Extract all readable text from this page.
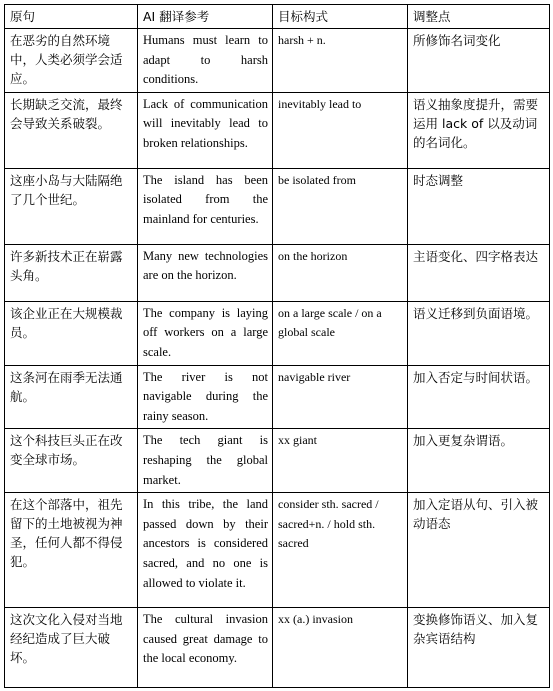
原句	AI 翻译参考	目标构式	调整点
在恶劣的自然环境中，人类必须学会适应。	Humans must learn to adapt to harsh conditions.	harsh + n.	所修饰名词变化
长期缺乏交流，最终会导致关系破裂。	Lack of communication will inevitably lead to broken relationships.	inevitably lead to	语义抽象度提升，需要运用 lack of 以及动词的名词化。
这座小岛与大陆隔绝了几个世纪。	The island has been isolated from the mainland for centuries.	be isolated from	时态调整
许多新技术正在崭露头角。	Many new technologies are on the horizon.	on the horizon	主语变化、四字格表达
该企业正在大规模裁员。	The company is laying off workers on a large scale.	on a large scale / on a global scale	语义迁移到负面语境。
这条河在雨季无法通航。	The river is not navigable during the rainy season.	navigable river	加入否定与时间状语。
这个科技巨头正在改变全球市场。	The tech giant is reshaping the global market.	xx giant	加入更复杂谓语。
在这个部落中，祖先留下的土地被视为神圣，任何人都不得侵犯。	In this tribe, the land passed down by their ancestors is considered sacred, and no one is allowed to violate it.	consider sth. sacred / sacred+n. / hold sth. sacred	加入定语从句、引入被动语态
这次文化入侵对当地经纪造成了巨大破坏。	The cultural invasion caused great damage to the local economy.	xx (a.) invasion	变换修饰语义、加入复杂宾语结构
